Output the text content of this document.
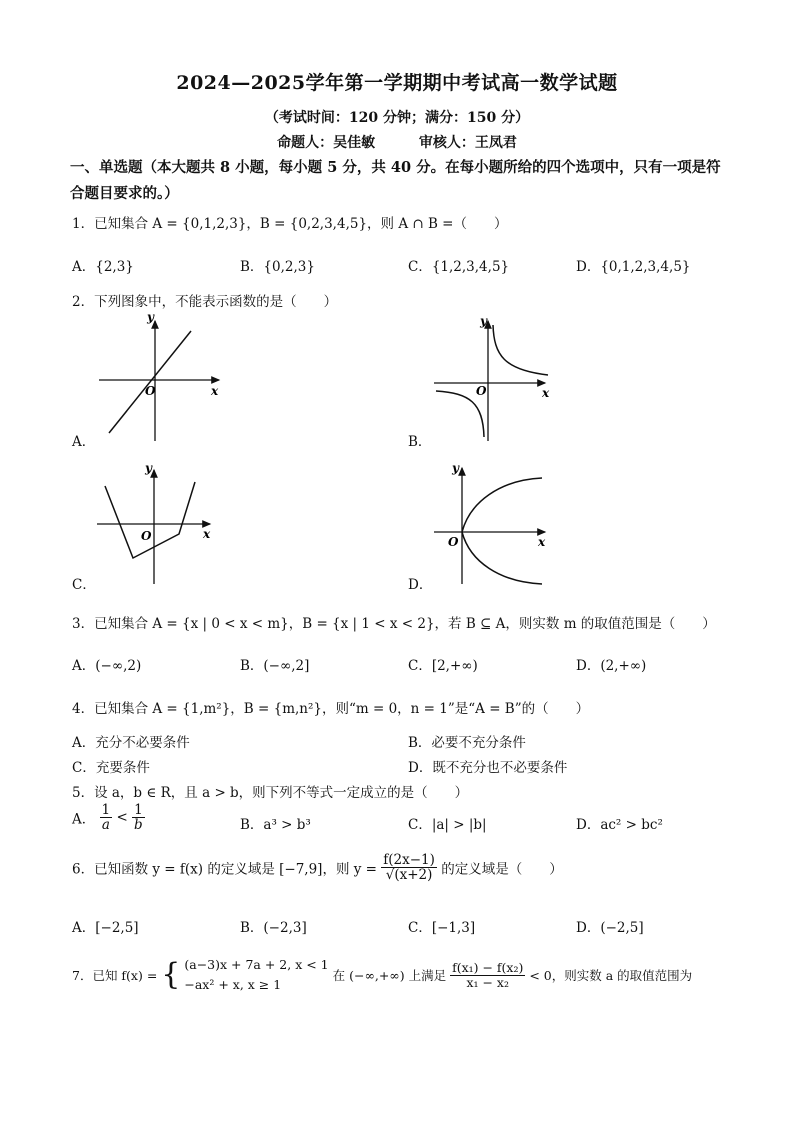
2024—2025学年第一学期期中考试高一数学试题
（考试时间：120 分钟；满分：150 分）
命题人：吴佳敏	审核人：王凤君
一、单选题（本大题共 8 小题，每小题 5 分，共 40 分。在每小题所给的四个选项中，只有一项是符合题目要求的。）
1．已知集合 A = {0,1,2,3}，B = {0,2,3,4,5}，则 A ∩ B =（　　）
A．{2,3}	B．{0,2,3}	C．{1,2,3,4,5}	D．{0,1,2,3,4,5}
2．下列图象中，不能表示函数的是（　　）
y
x
O
A．
y
x
O
B．
y
x
O
C．
y
x
O
D．
3．已知集合 A = {x | 0 < x < m}，B = {x | 1 < x < 2}，若 B ⊆ A，则实数 m 的取值范围是（　　）
A．(−∞,2)	B．(−∞,2]	C．[2,+∞)	D．(2,+∞)
4．已知集合 A = {1,m²}，B = {m,n²}，则“m = 0，n = 1”是“A = B”的（　　）
A．充分不必要条件	B．必要不充分条件
C．充要条件	D．既不充分也不必要条件
5．设 a，b ∈ R，且 a > b，则下列不等式一定成立的是（　　）
A． $\frac{1}{a} < \frac{1}{b}$	B．a³ > b³	C．|a| > |b|	D．ac² > bc²
6．已知函数 y = f(x) 的定义域是 [−7,9]，则 $y = \frac{f(2x-1)}{√(x+2)}$ 的定义域是（　　）
A．[−2,5]	B．(−2,3]	C．[−1,3]	D．(−2,5]
7．已知 f(x) = { (a−3)x + 7a + 2, x < 1
−ax² + x, x ≥ 1
在 (−∞,+∞) 上满足 $\frac{\text{f(x₁) − f(x₂)}}{\text{x₁ − x₂}} < 0$，则实数 a 的取值范围为
